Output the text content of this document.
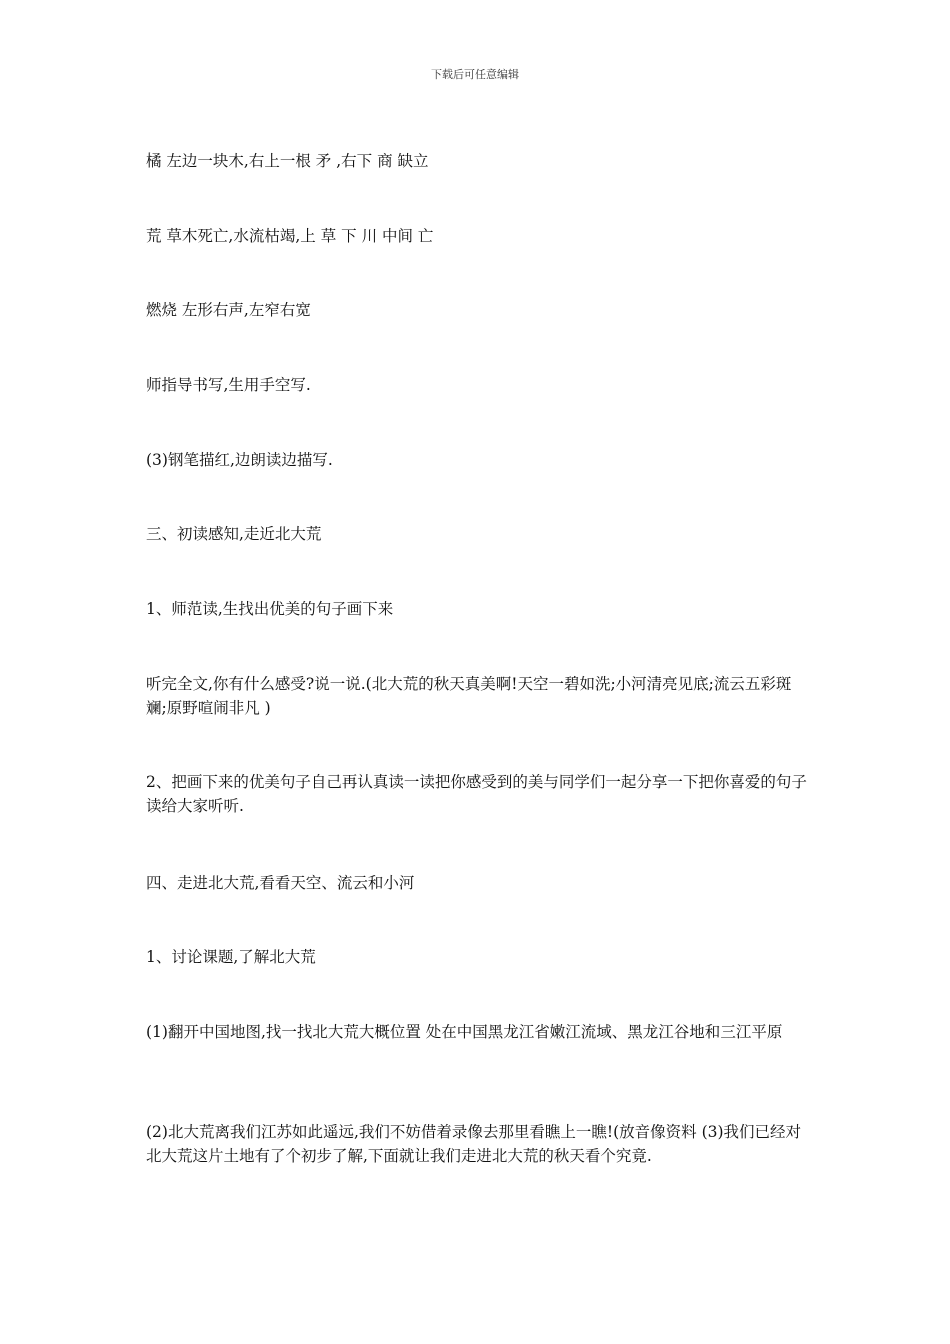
下载后可任意编辑

橘 左边一块木,右上一根 矛 ,右下 商 缺立

荒 草木死亡,水流枯竭,上 草 下 川 中间 亡

燃烧 左形右声,左窄右宽

师指导书写,生用手空写.

(3)钢笔描红,边朗读边描写.

三、初读感知,走近北大荒

1、师范读,生找出优美的句子画下来

听完全文,你有什么感受?说一说.(北大荒的秋天真美啊!天空一碧如洗;小河清亮见底;流云五彩斑斓;原野喧闹非凡 )

2、把画下来的优美句子自己再认真读一读把你感受到的美与同学们一起分享一下把你喜爱的句子读给大家听听.

四、走进北大荒,看看天空、流云和小河

1、讨论课题,了解北大荒

(1)翻开中国地图,找一找北大荒大概位置 处在中国黑龙江省嫩江流域、黑龙江谷地和三江平原

(2)北大荒离我们江苏如此遥远,我们不妨借着录像去那里看瞧上一瞧!(放音像资料 (3)我们已经对北大荒这片土地有了个初步了解,下面就让我们走进北大荒的秋天看个究竟.
